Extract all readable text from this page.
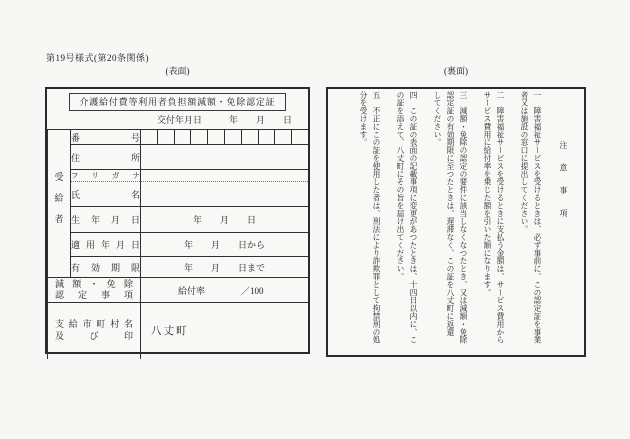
第19号様式(第20条関係)
(表面)	(裏面)
介護給付費等利用者負担額減額・免除認定証
交付年月日　　　年　　月　　日
受給者	番号	

	住所	
	フリガナ	
	氏名	
	生年月日	年　　月　　日
	適用年月日	年　　月　　日から
	有効期限	年　　月　　日まで

減額・免除
認定事項		給付率　　　　／100

支給市町村名
及び印		八丈町
注意事項
一　障害福祉サービスを受けるときは、必ず事前に、この認定証を事業
者又は施設の窓口に提出してください。
二　障害福祉サービスを受けるときに支払う金額は、サービス費用から
サービス費用に給付率を乗じた額を引いた額になります。
三　減額・免除の認定の要件に該当しなくなつたとき、又は減額・免除
認定証の有効期限に至つたときは、遅滞なく、この証を八丈町に返還
してください。
四　この証の表面の記載事項に変更があつたときは、十四日以内に、こ
の証を添えて、八丈町にその旨を届け出てください。
五　不正にこの証を使用した者は、刑法により詐欺罪として拘禁刑の処
分を受けます。
